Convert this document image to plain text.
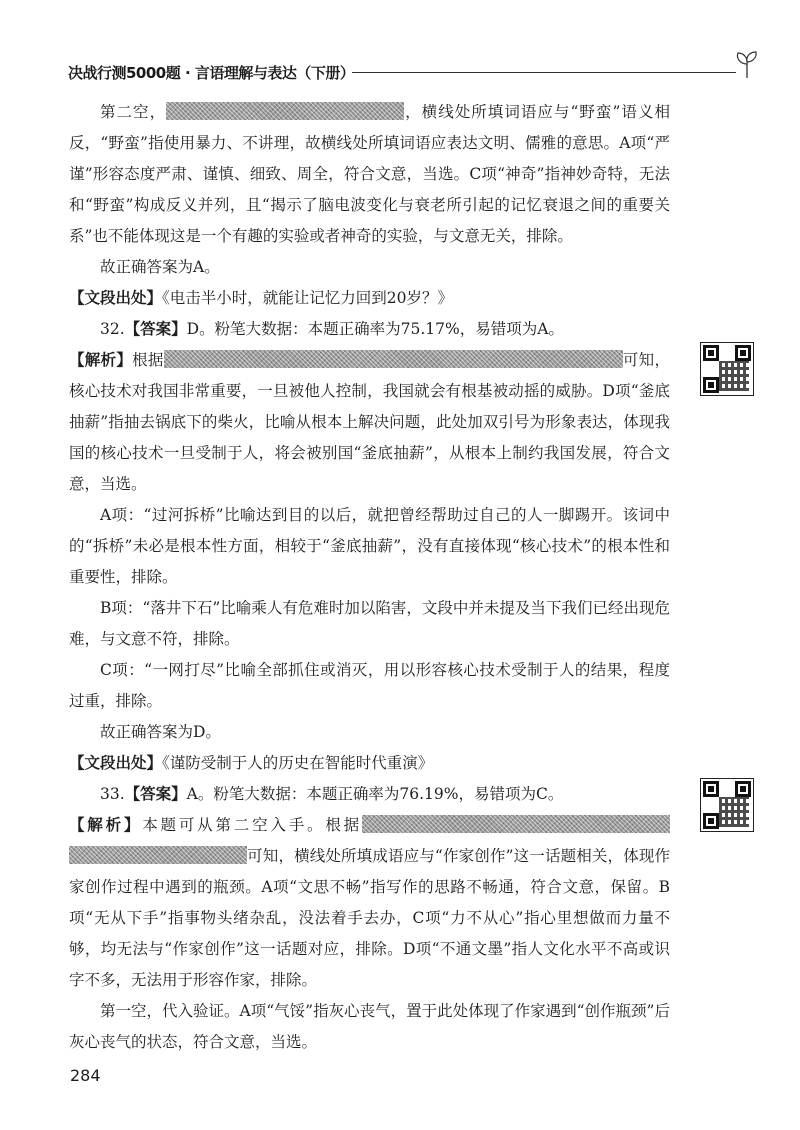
决战行测5000题 · 言语理解与表达（下册）

第二空，	，横线处所填词语应与“野蛮”语义相反，“野蛮”指使用暴力、不讲理，故横线处所填词语应表达文明、儒雅的意思。A项“严谨”形容态度严肃、谨慎、细致、周全，符合文意，当选。C项“神奇”指神妙奇特，无法和“野蛮”构成反义并列，且“揭示了脑电波变化与衰老所引起的记忆衰退之间的重要关系”也不能体现这是一个有趣的实验或者神奇的实验，与文意无关，排除。

故正确答案为A。

【文段出处】《电击半小时，就能让记忆力回到20岁？》

32.【答案】D。粉笔大数据：本题正确率为75.17%，易错项为A。

【解析】根据	可知，核心技术对我国非常重要，一旦被他人控制，我国就会有根基被动摇的威胁。D项“釜底抽薪”指抽去锅底下的柴火，比喻从根本上解决问题，此处加双引号为形象表达，体现我国的核心技术一旦受制于人，将会被别国“釜底抽薪”，从根本上制约我国发展，符合文意，当选。

A项：“过河拆桥”比喻达到目的以后，就把曾经帮助过自己的人一脚踢开。该词中的“拆桥”未必是根本性方面，相较于“釜底抽薪”，没有直接体现“核心技术”的根本性和重要性，排除。

B项：“落井下石”比喻乘人有危难时加以陷害，文段中并未提及当下我们已经出现危难，与文意不符，排除。

C项：“一网打尽”比喻全部抓住或消灭，用以形容核心技术受制于人的结果，程度过重，排除。

故正确答案为D。

【文段出处】《谨防受制于人的历史在智能时代重演》

33.【答案】A。粉笔大数据：本题正确率为76.19%，易错项为C。

【解析】本题可从第二空入手。根据可知，横线处所填成语应与“作家创作”这一话题相关，体现作家创作过程中遇到的瓶颈。A项“文思不畅”指写作的思路不畅通，符合文意，保留。B项“无从下手”指事物头绪杂乱，没法着手去办，C项“力不从心”指心里想做而力量不够，均无法与“作家创作”这一话题对应，排除。D项“不通文墨”指人文化水平不高或识字不多，无法用于形容作家，排除。

第一空，代入验证。A项“气馁”指灰心丧气，置于此处体现了作家遇到“创作瓶颈”后灰心丧气的状态，符合文意，当选。

284
